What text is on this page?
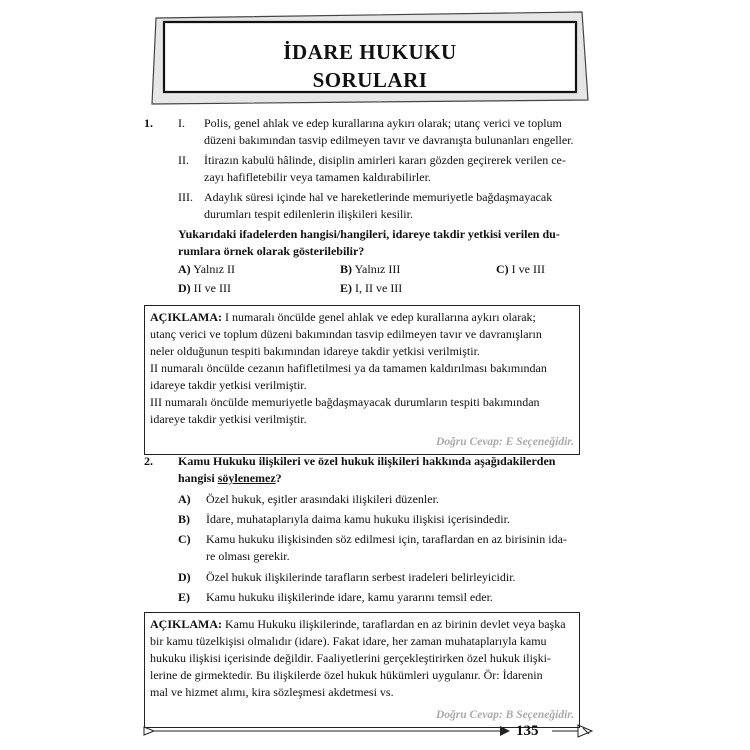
İDARE HUKUKU
SORULARI
1. I.	Polis, genel ahlak ve edep kurallarına aykırı olarak; utanç verici ve toplum
düzeni bakımından tasvip edilmeyen tavır ve davranışta bulunanları engeller.
II.	İtirazın kabulü hâlinde, disiplin amirleri kararı gözden geçirerek verilen ce-
zayı hafifletebilir veya tamamen kaldırabilirler.
III. Adaylık süresi içinde hal ve hareketlerinde memuriyetle bağdaşmayacak
durumları tespit edilenlerin ilişkileri kesilir.
Yukarıdaki ifadelerden hangisi/hangileri, idareye takdir yetkisi verilen du-
rumlara örnek olarak gösterilebilir?
A) Yalnız II	B) Yalnız III	C) I ve III
D) II ve III	E) I, II ve III

AÇIKLAMA: I numaralı öncülde genel ahlak ve edep kurallarına aykırı olarak;

utanç verici ve toplum düzeni bakımından tasvip edilmeyen tavır ve davranışların

neler olduğunun tespiti bakımından idareye takdir yetkisi verilmiştir.

II numaralı öncülde cezanın hafifletilmesi ya da tamamen kaldırılması bakımından

idareye takdir yetkisi verilmiştir.

III numaralı öncülde memuriyetle bağdaşmayacak durumların tespiti bakımından

idareye takdir yetkisi verilmiştir.

Doğru Cevap: E Seçeneğidir.

2. Kamu Hukuku ilişkileri ve özel hukuk ilişkileri hakkında aşağıdakilerden
hangisi söylenemez?
A) Özel hukuk, eşitler arasındaki ilişkileri düzenler.
B) İdare, muhataplarıyla daima kamu hukuku ilişkisi içerisindedir.
C) Kamu hukuku ilişkisinden söz edilmesi için, taraflardan en az birisinin ida-
re olması gerekir.
D) Özel hukuk ilişkilerinde tarafların serbest iradeleri belirleyicidir.
E) Kamu hukuku ilişkilerinde idare, kamu yararını temsil eder.

AÇIKLAMA: Kamu Hukuku ilişkilerinde, taraflardan en az birinin devlet veya başka

bir kamu tüzelkişisi olmalıdır (idare). Fakat idare, her zaman muhataplarıyla kamu

hukuku ilişkisi içerisinde değildir. Faaliyetlerini gerçekleştirirken özel hukuk ilişki-

lerine de girmektedir. Bu ilişkilerde özel hukuk hükümleri uygulanır. Ör: İdarenin

mal ve hizmet alımı, kira sözleşmesi akdetmesi vs.

Doğru Cevap: B Seçeneğidir.

135
